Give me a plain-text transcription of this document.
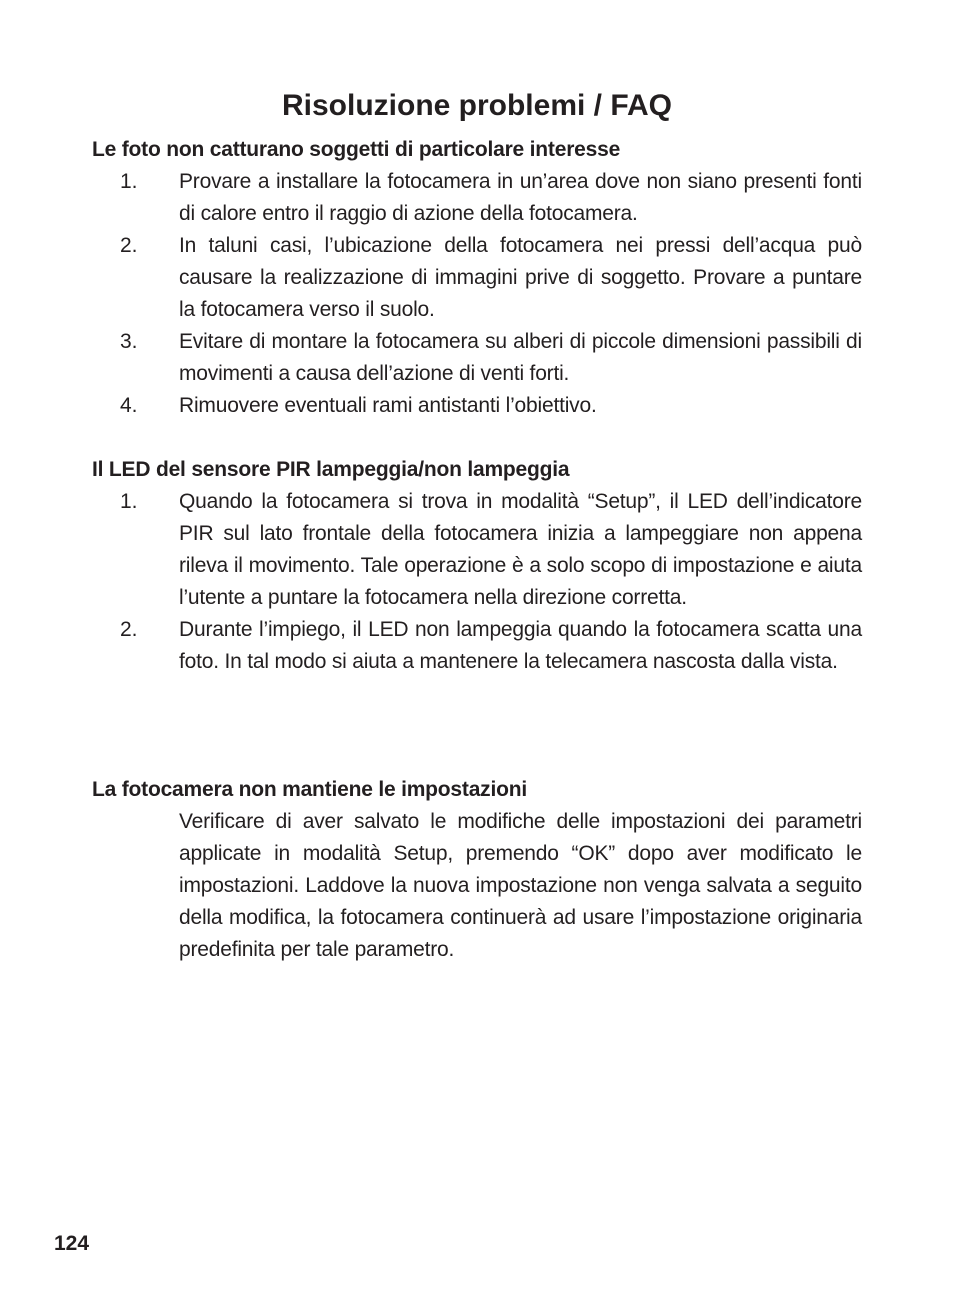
Risoluzione problemi / FAQ
Le foto non catturano soggetti di particolare interesse
1.	Provare a installare la fotocamera in un’area dove non siano presenti fonti di calore entro il raggio di azione della fotocamera.
2.	In taluni casi, l’ubicazione della fotocamera nei pressi dell’acqua può causare la realizzazione di immagini prive di soggetto. Provare a puntare la fotocamera verso il suolo.
3.	Evitare di montare la fotocamera su alberi di piccole dimensioni passibili di movimenti a causa dell’azione di venti forti.
4.	Rimuovere eventuali rami antistanti l’obiettivo.
Il LED del sensore PIR lampeggia/non lampeggia
1.	Quando la fotocamera si trova in modalità “Setup”, il LED dell’indicatore PIR sul lato frontale della fotocamera inizia a lampeggiare non appena rileva il movimento. Tale operazione è a solo scopo di impostazione e aiuta l’utente a puntare la fotocamera nella direzione corretta.
2.	Durante l’impiego, il LED non lampeggia quando la fotocamera scatta una foto. In tal modo si aiuta a mantenere la telecamera nascosta dalla vista.
La fotocamera non mantiene le impostazioni
Verificare di aver salvato le modifiche delle impostazioni dei parametri applicate in modalità Setup, premendo “OK” dopo aver modificato le impostazioni. Laddove la nuova impostazione non venga salvata a seguito della modifica, la fotocamera continuerà ad usare l’impostazione originaria predefinita per tale parametro.
124
